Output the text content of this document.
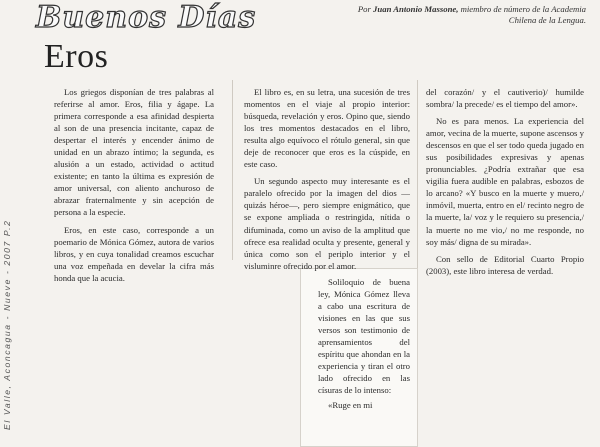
El Valle, Aconcagua - Nueve - 2007 P.2
Buenos Días
Eros
Por Juan Antonio Massone, miembro de número de la Academia Chilena de la Lengua.

Los griegos disponían de tres palabras al referirse al amor. Eros, filia y ágape. La primera corresponde a esa afinidad despierta al son de una presencia incitante, capaz de despertar el interés y encender ánimo de unidad en un abrazo íntimo; la segunda, es alusión a un estado, actividad o actitud existente; en tanto la última es expresión de amor universal, con aliento anchuroso de abrazar fraternalmente y sin acepción de persona a la especie.

Eros, en este caso, corresponde a un poemario de Mónica Gómez, autora de varios libros, y en cuya tonalidad creamos escuchar una voz empeñada en develar la cifra más honda que la acucia.

El libro es, en su letra, una sucesión de tres momentos en el viaje al propio interior: búsqueda, revelación y eros. Opino que, siendo los tres momentos destacados en el libro, resulta algo equívoco el rótulo general, sin que deje de reconocer que eros es la cúspide, en este caso.

Un segundo aspecto muy interesante es el paralelo ofrecido por la imagen del dios —quizás héroe—, pero siempre enigmático, que se expone ampliada o restringida, nítida o difuminada, como un aviso de la amplitud que ofrece esa realidad oculta y presente, general y única como son el periplo interior y el visluminre ofrecido por el amor.

Soliloquio de buena ley, Mónica Gómez lleva a cabo una escritura de visiones en las que sus versos son testimonio de aprensamientos del espíritu que ahondan en la experiencia y tiran el otro lado ofrecido en las císuras de lo intenso:

«Ruge en mi

del corazón/ y el cautiverio)/ humilde sombra/ la precede/ es el tiempo del amor».

No es para menos. La experiencia del amor, vecina de la muerte, supone ascensos y descensos en que el ser todo queda jugado en sus posibilidades expresivas y apenas pronunciables. ¿Podría extrañar que esa vigilia fuera audible en palabras, esbozos de lo arcano? «Y busco en la muerte y muero,/ inmóvil, muerta, entro en el/ recinto negro de la muerte, la/ voz y le requiero su presencia,/ la muerte no me vio,/ no me responde, no soy más/ digna de su mirada».

Con sello de Editorial Cuarto Propio (2003), este libro interesa de verdad.
